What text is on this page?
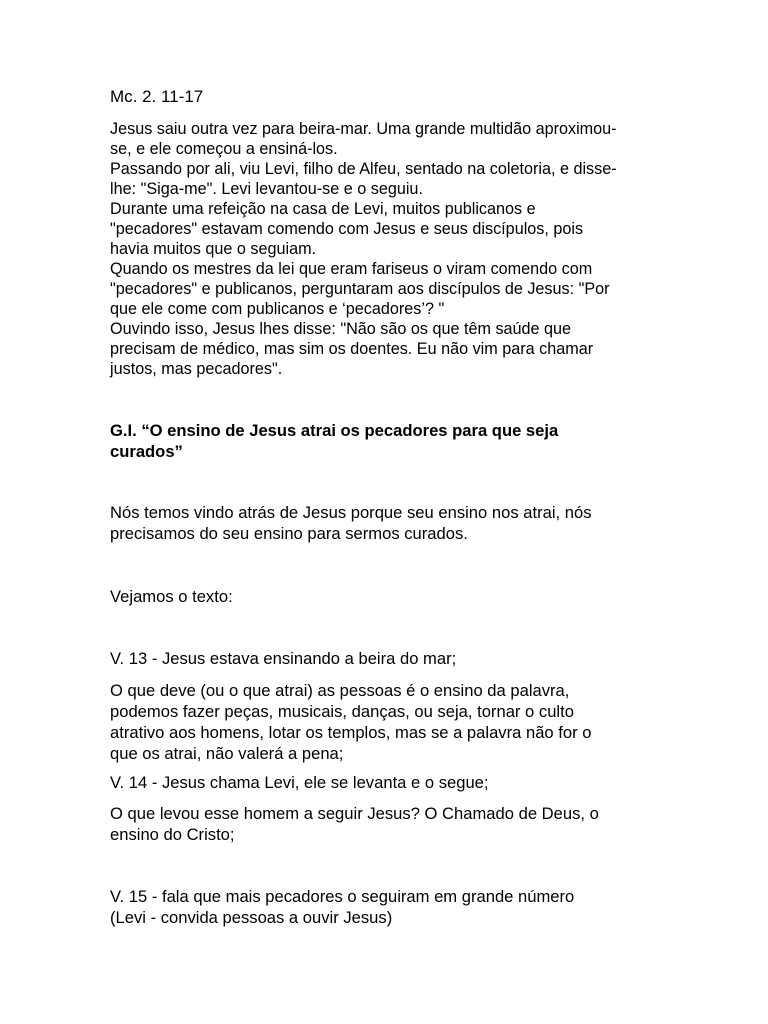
Mc. 2. 11-17
Jesus saiu outra vez para beira-mar. Uma grande multidão aproximou-
se, e ele começou a ensiná-los.
Passando por ali, viu Levi, filho de Alfeu, sentado na coletoria, e disse-
lhe: "Siga-me". Levi levantou-se e o seguiu.
Durante uma refeição na casa de Levi, muitos publicanos e
"pecadores" estavam comendo com Jesus e seus discípulos, pois
havia muitos que o seguiam.
Quando os mestres da lei que eram fariseus o viram comendo com
"pecadores" e publicanos, perguntaram aos discípulos de Jesus: "Por
que ele come com publicanos e ‘pecadores’? "
Ouvindo isso, Jesus lhes disse: "Não são os que têm saúde que
precisam de médico, mas sim os doentes. Eu não vim para chamar
justos, mas pecadores".
G.I. “O ensino de Jesus atrai os pecadores para que seja
curados”
Nós temos vindo atrás de Jesus porque seu ensino nos atrai, nós
precisamos do seu ensino para sermos curados.
Vejamos o texto:
V. 13 - Jesus estava ensinando a beira do mar;
O que deve (ou o que atrai) as pessoas é o ensino da palavra,
podemos fazer peças, musicais, danças, ou seja, tornar o culto
atrativo aos homens, lotar os templos, mas se a palavra não for o
que os atrai, não valerá a pena;
V. 14 - Jesus chama Levi, ele se levanta e o segue;
O que levou esse homem a seguir Jesus? O Chamado de Deus, o
ensino do Cristo;
V. 15 - fala que mais pecadores o seguiram em grande número
(Levi - convida pessoas a ouvir Jesus)
